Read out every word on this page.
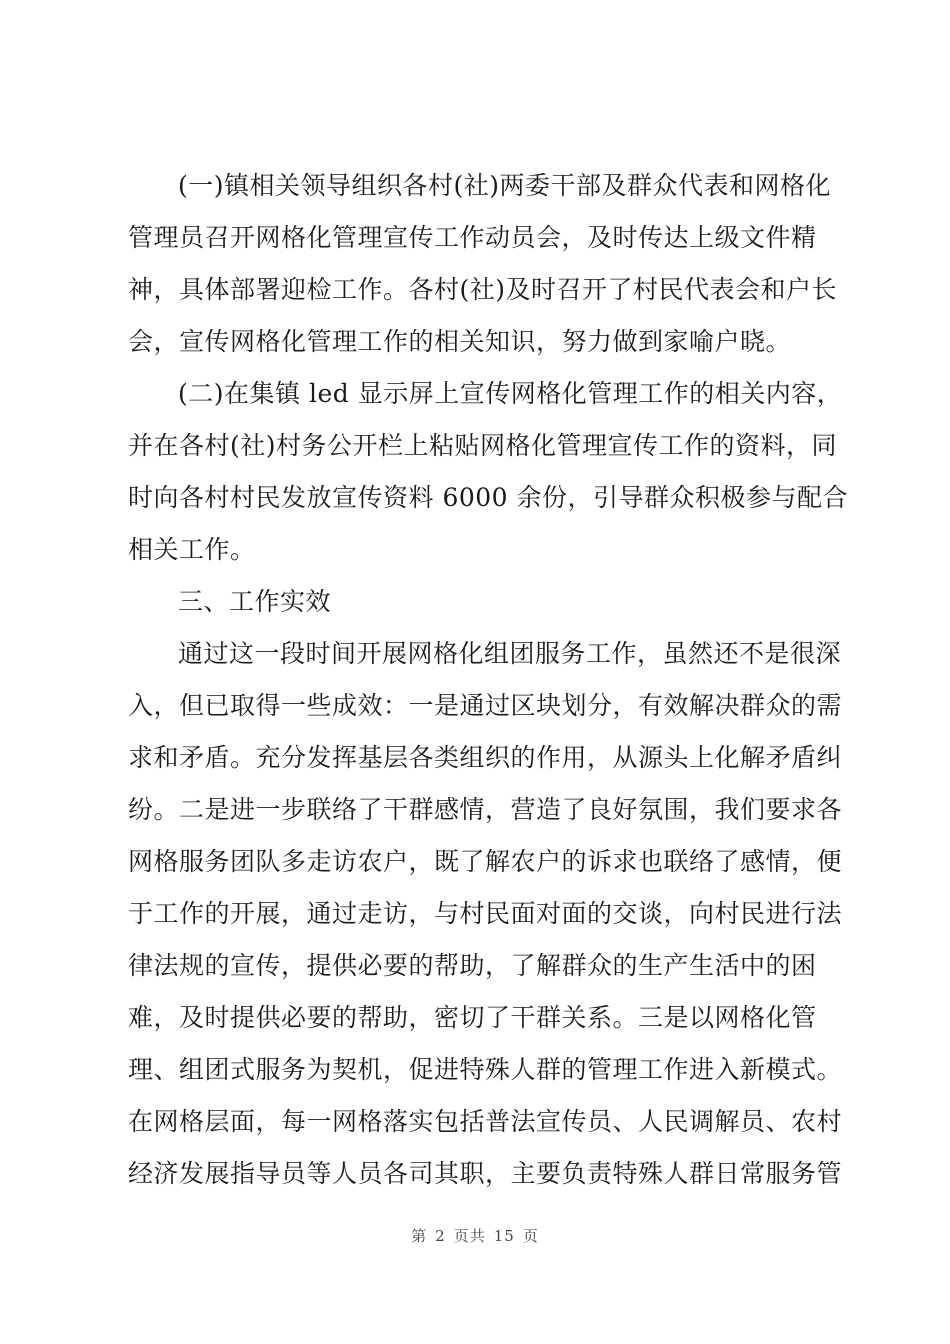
(一)镇相关领导组织各村(社)两委干部及群众代表和网格化
管理员召开网格化管理宣传工作动员会，及时传达上级文件精
神，具体部署迎检工作。各村(社)及时召开了村民代表会和户长
会，宣传网格化管理工作的相关知识，努力做到家喻户晓。
(二)在集镇 led 显示屏上宣传网格化管理工作的相关内容，
并在各村(社)村务公开栏上粘贴网格化管理宣传工作的资料，同
时向各村村民发放宣传资料 6000 余份，引导群众积极参与配合
相关工作。
三、工作实效
通过这一段时间开展网格化组团服务工作，虽然还不是很深
入，但已取得一些成效：一是通过区块划分，有效解决群众的需
求和矛盾。充分发挥基层各类组织的作用，从源头上化解矛盾纠
纷。二是进一步联络了干群感情，营造了良好氛围，我们要求各
网格服务团队多走访农户，既了解农户的诉求也联络了感情，便
于工作的开展，通过走访，与村民面对面的交谈，向村民进行法
律法规的宣传，提供必要的帮助，了解群众的生产生活中的困
难，及时提供必要的帮助，密切了干群关系。三是以网格化管
理、组团式服务为契机，促进特殊人群的管理工作进入新模式。
在网格层面，每一网格落实包括普法宣传员、人民调解员、农村
经济发展指导员等人员各司其职，主要负责特殊人群日常服务管
第 2 页共 15 页
